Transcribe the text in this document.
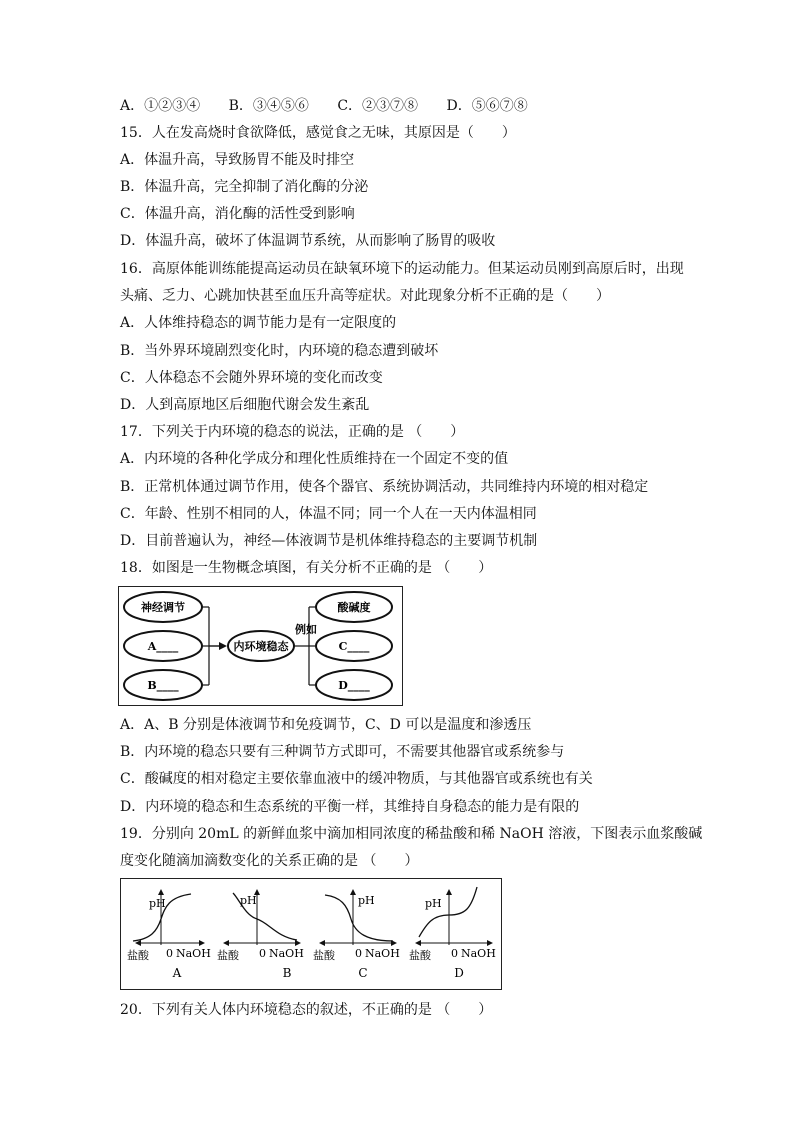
A．①②③④ B．③④⑤⑥ C．②③⑦⑧ D．⑤⑥⑦⑧
15．人在发高烧时食欲降低，感觉食之无味，其原因是（　　）
A．体温升高，导致肠胃不能及时排空
B．体温升高，完全抑制了消化酶的分泌
C．体温升高，消化酶的活性受到影响
D．体温升高，破坏了体温调节系统，从而影响了肠胃的吸收
16．高原体能训练能提高运动员在缺氧环境下的运动能力。但某运动员刚到高原后时，出现
头痛、乏力、心跳加快甚至血压升高等症状。对此现象分析不正确的是（　　）
A．人体维持稳态的调节能力是有一定限度的
B．当外界环境剧烈变化时，内环境的稳态遭到破坏
C．人体稳态不会随外界环境的变化而改变
D．人到高原地区后细胞代谢会发生紊乱
17．下列关于内环境的稳态的说法，正确的是 （　　）
A．内环境的各种化学成分和理化性质维持在一个固定不变的值
B．正常机体通过调节作用，使各个器官、系统协调活动，共同维持内环境的相对稳定
C．年龄、性别不相同的人，体温不同；同一个人在一天内体温相同
D．目前普遍认为，神经—体液调节是机体维持稳态的主要调节机制
18．如图是一生物概念填图，有关分析不正确的是 （　　）
神经调节
A____
B____
内环境稳态
例如
酸碱度
C____
D____
A．A、B 分别是体液调节和免疫调节，C、D 可以是温度和渗透压
B．内环境的稳态只要有三种调节方式即可，不需要其他器官或系统参与
C．酸碱度的相对稳定主要依靠血液中的缓冲物质，与其他器官或系统也有关
D．内环境的稳态和生态系统的平衡一样，其维持自身稳态的能力是有限的
19．分别向 20mL 的新鲜血浆中滴加相同浓度的稀盐酸和稀 NaOH 溶液，下图表示血浆酸碱
度变化随滴加滴数变化的关系正确的是 （　　）
pH
盐酸 0 NaOH
A
pH
盐酸 0 NaOH
B
pH
盐酸 0 NaOH
C
pH
盐酸 0 NaOH
D
20．下列有关人体内环境稳态的叙述，不正确的是 （　　）
